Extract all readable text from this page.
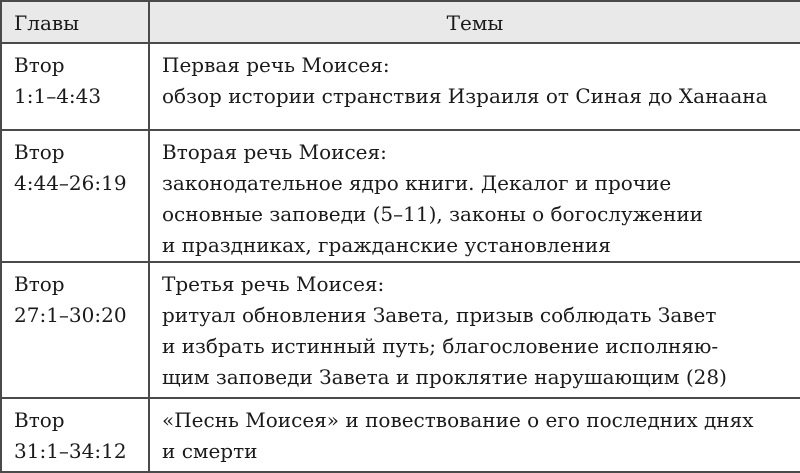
Главы	Темы

Втор
1:1–4:43	Первая речь Моисея:
обзор истории странствия Израиля от Синая до Ханаана

Втор
4:44–26:19	Вторая речь Моисея:
законодательное ядро книги. Декалог и прочие
основные заповеди (5–11), законы о богослужении
и праздниках, гражданские установления

Втор
27:1–30:20	Третья речь Моисея:
ритуал обновления Завета, призыв соблюдать Завет
и избрать истинный путь; благословение исполняю-
щим заповеди Завета и проклятие нарушающим (28)

Втор
31:1–34:12	«Песнь Моисея» и повествование о его последних днях
и смерти
